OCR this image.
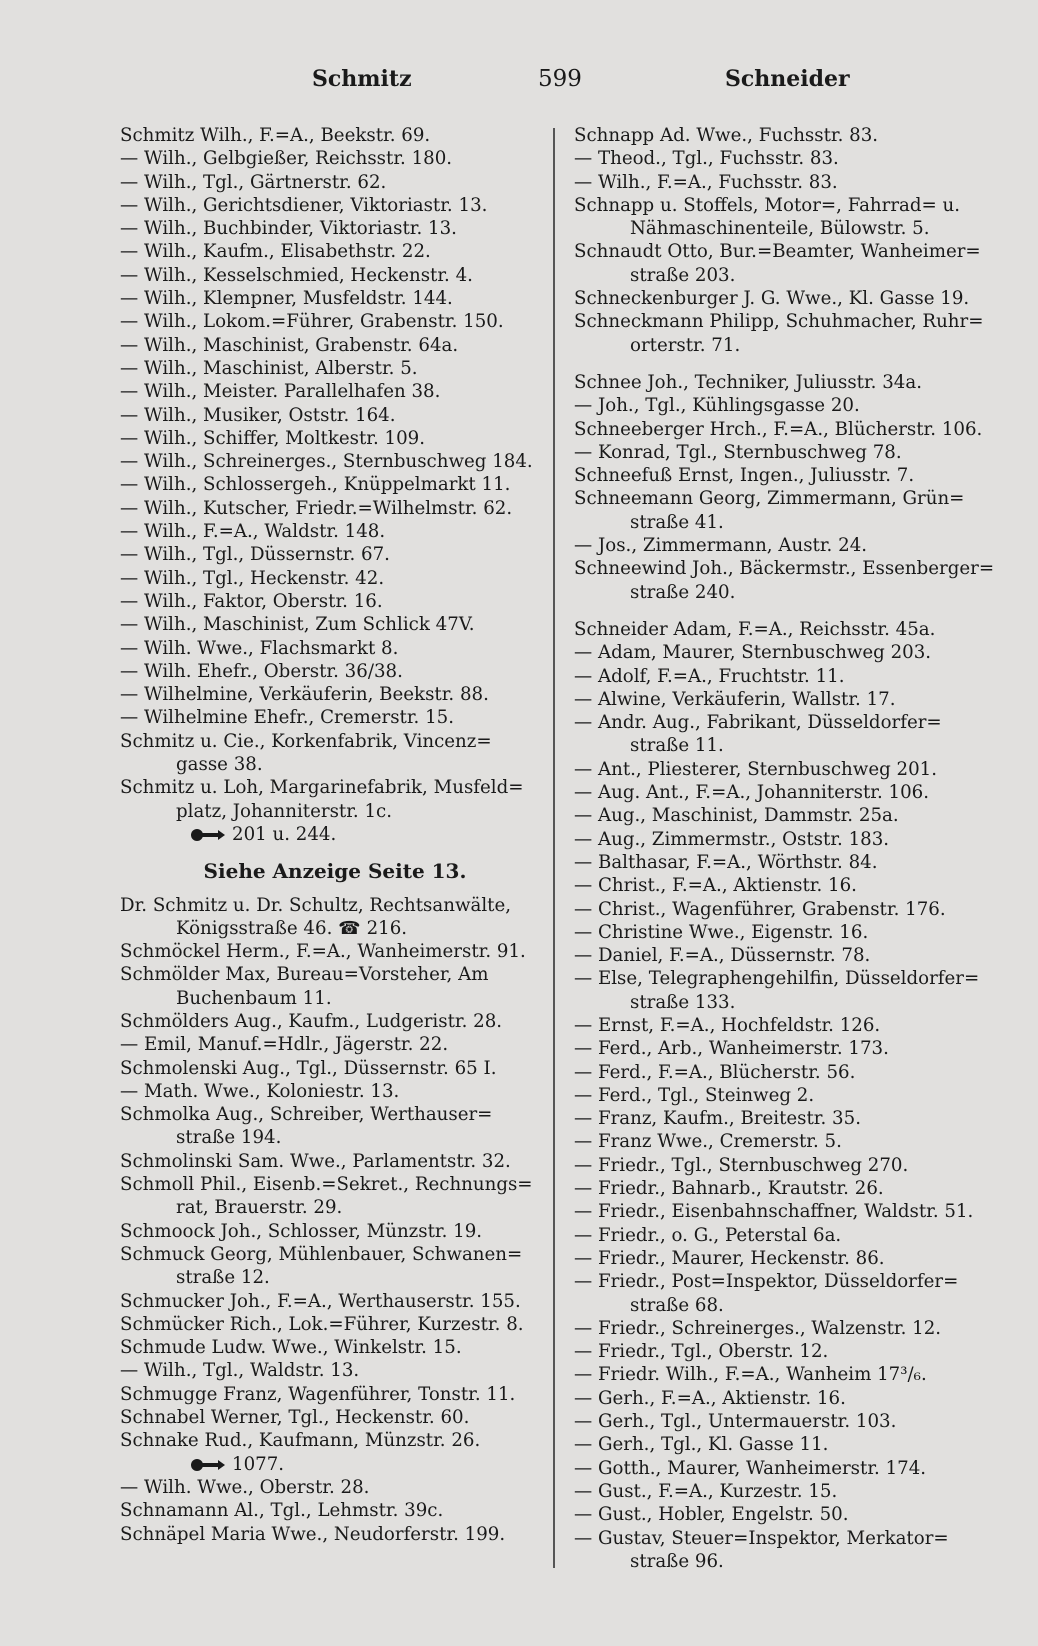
Schmitz	599	Schneider
Schmitz Wilh., F.=A., Beekstr. 69.
— Wilh., Gelbgießer, Reichsstr. 180.
— Wilh., Tgl., Gärtnerstr. 62.
— Wilh., Gerichtsdiener, Viktoriastr. 13.
— Wilh., Buchbinder, Viktoriastr. 13.
— Wilh., Kaufm., Elisabethstr. 22.
— Wilh., Kesselschmied, Heckenstr. 4.
— Wilh., Klempner, Musfeldstr. 144.
— Wilh., Lokom.=Führer, Grabenstr. 150.
— Wilh., Maschinist, Grabenstr. 64a.
— Wilh., Maschinist, Alberstr. 5.
— Wilh., Meister. Parallelhafen 38.
— Wilh., Musiker, Oststr. 164.
— Wilh., Schiffer, Moltkestr. 109.
— Wilh., Schreinerges., Sternbuschweg 184.
— Wilh., Schlossergeh., Knüppelmarkt 11.
— Wilh., Kutscher, Friedr.=Wilhelmstr. 62.
— Wilh., F.=A., Waldstr. 148.
— Wilh., Tgl., Düssernstr. 67.
— Wilh., Tgl., Heckenstr. 42.
— Wilh., Faktor, Oberstr. 16.
— Wilh., Maschinist, Zum Schlick 47V.
— Wilh. Wwe., Flachsmarkt 8.
— Wilh. Ehefr., Oberstr. 36/38.
— Wilhelmine, Verkäuferin, Beekstr. 88.
— Wilhelmine Ehefr., Cremerstr. 15.
Schmitz u. Cie., Korkenfabrik, Vincenz=
gasse 38.
Schmitz u. Loh, Margarinefabrik, Musfeld=
platz, Johanniterstr. 1c.
201 u. 244.
Siehe Anzeige Seite 13.
Dr. Schmitz u. Dr. Schultz, Rechtsanwälte,
Königsstraße 46. ☎ 216.
Schmöckel Herm., F.=A., Wanheimerstr. 91.
Schmölder Max, Bureau=Vorsteher, Am
Buchenbaum 11.
Schmölders Aug., Kaufm., Ludgeristr. 28.
— Emil, Manuf.=Hdlr., Jägerstr. 22.
Schmolenski Aug., Tgl., Düssernstr. 65 I.
— Math. Wwe., Koloniestr. 13.
Schmolka Aug., Schreiber, Werthauser=
straße 194.
Schmolinski Sam. Wwe., Parlamentstr. 32.
Schmoll Phil., Eisenb.=Sekret., Rechnungs=
rat, Brauerstr. 29.
Schmoock Joh., Schlosser, Münzstr. 19.
Schmuck Georg, Mühlenbauer, Schwanen=
straße 12.
Schmucker Joh., F.=A., Werthauserstr. 155.
Schmücker Rich., Lok.=Führer, Kurzestr. 8.
Schmude Ludw. Wwe., Winkelstr. 15.
— Wilh., Tgl., Waldstr. 13.
Schmugge Franz, Wagenführer, Tonstr. 11.
Schnabel Werner, Tgl., Heckenstr. 60.
Schnake Rud., Kaufmann, Münzstr. 26.
1077.
— Wilh. Wwe., Oberstr. 28.
Schnamann Al., Tgl., Lehmstr. 39c.
Schnäpel Maria Wwe., Neudorferstr. 199.
Schnapp Ad. Wwe., Fuchsstr. 83.
— Theod., Tgl., Fuchsstr. 83.
— Wilh., F.=A., Fuchsstr. 83.
Schnapp u. Stoffels, Motor=, Fahrrad= u.
Nähmaschinenteile, Bülowstr. 5.
Schnaudt Otto, Bur.=Beamter, Wanheimer=
straße 203.
Schneckenburger J. G. Wwe., Kl. Gasse 19.
Schneckmann Philipp, Schuhmacher, Ruhr=
orterstr. 71.
Schnee Joh., Techniker, Juliusstr. 34a.
— Joh., Tgl., Kühlingsgasse 20.
Schneeberger Hrch., F.=A., Blücherstr. 106.
— Konrad, Tgl., Sternbuschweg 78.
Schneefuß Ernst, Ingen., Juliusstr. 7.
Schneemann Georg, Zimmermann, Grün=
straße 41.
— Jos., Zimmermann, Austr. 24.
Schneewind Joh., Bäckermstr., Essenberger=
straße 240.
Schneider Adam, F.=A., Reichsstr. 45a.
— Adam, Maurer, Sternbuschweg 203.
— Adolf, F.=A., Fruchtstr. 11.
— Alwine, Verkäuferin, Wallstr. 17.
— Andr. Aug., Fabrikant, Düsseldorfer=
straße 11.
— Ant., Pliesterer, Sternbuschweg 201.
— Aug. Ant., F.=A., Johanniterstr. 106.
— Aug., Maschinist, Dammstr. 25a.
— Aug., Zimmermstr., Oststr. 183.
— Balthasar, F.=A., Wörthstr. 84.
— Christ., F.=A., Aktienstr. 16.
— Christ., Wagenführer, Grabenstr. 176.
— Christine Wwe., Eigenstr. 16.
— Daniel, F.=A., Düssernstr. 78.
— Else, Telegraphengehilfin, Düsseldorfer=
straße 133.
— Ernst, F.=A., Hochfeldstr. 126.
— Ferd., Arb., Wanheimerstr. 173.
— Ferd., F.=A., Blücherstr. 56.
— Ferd., Tgl., Steinweg 2.
— Franz, Kaufm., Breitestr. 35.
— Franz Wwe., Cremerstr. 5.
— Friedr., Tgl., Sternbuschweg 270.
— Friedr., Bahnarb., Krautstr. 26.
— Friedr., Eisenbahnschaffner, Waldstr. 51.
— Friedr., o. G., Peterstal 6a.
— Friedr., Maurer, Heckenstr. 86.
— Friedr., Post=Inspektor, Düsseldorfer=
straße 68.
— Friedr., Schreinerges., Walzenstr. 12.
— Friedr., Tgl., Oberstr. 12.
— Friedr. Wilh., F.=A., Wanheim 17³/₆.
— Gerh., F.=A., Aktienstr. 16.
— Gerh., Tgl., Untermauerstr. 103.
— Gerh., Tgl., Kl. Gasse 11.
— Gotth., Maurer, Wanheimerstr. 174.
— Gust., F.=A., Kurzestr. 15.
— Gust., Hobler, Engelstr. 50.
— Gustav, Steuer=Inspektor, Merkator=
straße 96.
